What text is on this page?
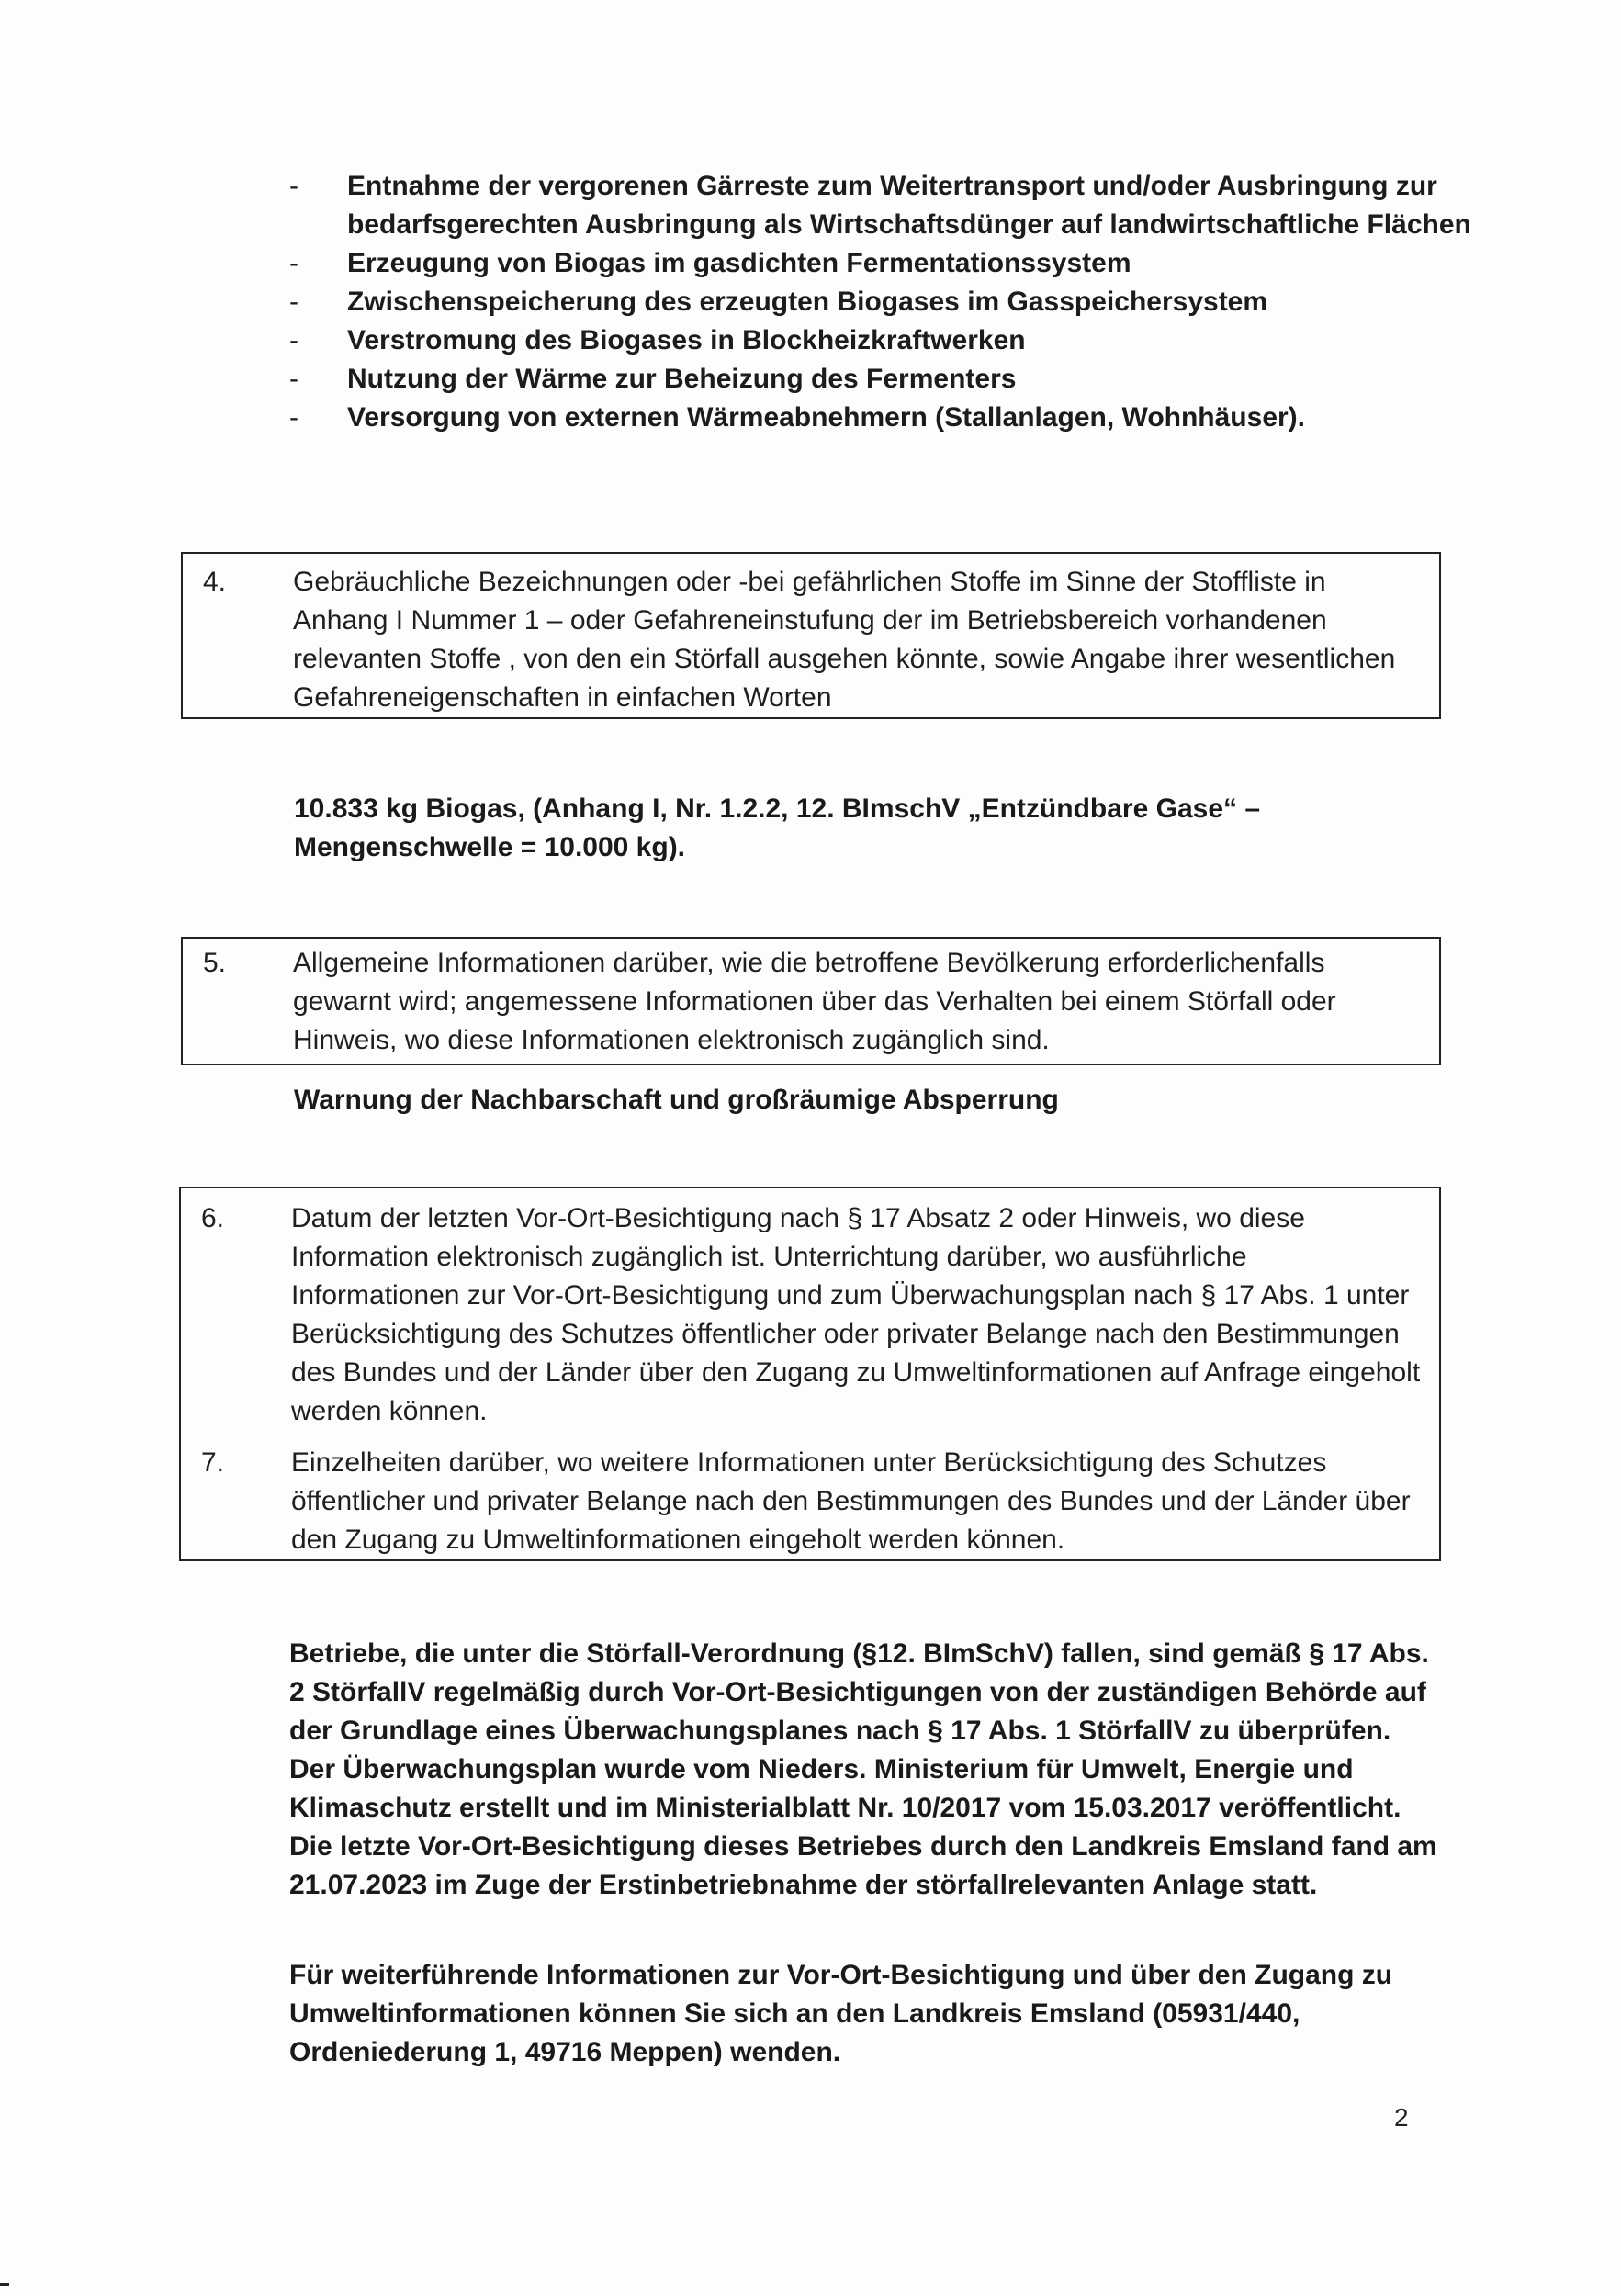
- Entnahme der vergorenen Gärreste zum Weitertransport und/oder Ausbringung zur bedarfsgerechten Ausbringung als Wirtschaftsdünger auf landwirtschaftliche Flächen
- Erzeugung von Biogas im gasdichten Fermentationssystem
- Zwischenspeicherung des erzeugten Biogases im Gasspeichersystem
- Verstromung des Biogases in Blockheizkraftwerken
- Nutzung der Wärme zur Beheizung des Fermenters
- Versorgung von externen Wärmeabnehmern (Stallanlagen, Wohnhäuser).
4. Gebräuchliche Bezeichnungen oder -bei gefährlichen Stoffe im Sinne der Stoffliste in Anhang I Nummer 1 – oder Gefahreneinstufung der im Betriebsbereich vorhandenen relevanten Stoffe , von den ein Störfall ausgehen könnte, sowie Angabe ihrer wesentlichen Gefahreneigenschaften in einfachen Worten

10.833 kg Biogas, (Anhang I, Nr. 1.2.2, 12. BImschV „Entzündbare Gase“ –
Mengenschwelle = 10.000 kg).

5. Allgemeine Informationen darüber, wie die betroffene Bevölkerung erforderlichenfalls gewarnt wird; angemessene Informationen über das Verhalten bei einem Störfall oder Hinweis, wo diese Informationen elektronisch zugänglich sind.

Warnung der Nachbarschaft und großräumige Absperrung

6. Datum der letzten Vor-Ort-Besichtigung nach § 17 Absatz 2 oder Hinweis, wo diese Information elektronisch zugänglich ist. Unterrichtung darüber, wo ausführliche Informationen zur Vor-Ort-Besichtigung und zum Überwachungsplan nach § 17 Abs. 1 unter Berücksichtigung des Schutzes öffentlicher oder privater Belange nach den Bestimmungen des Bundes und der Länder über den Zugang zu Umweltinformationen auf Anfrage eingeholt werden können.
7. Einzelheiten darüber, wo weitere Informationen unter Berücksichtigung des Schutzes öffentlicher und privater Belange nach den Bestimmungen des Bundes und der Länder über den Zugang zu Umweltinformationen eingeholt werden können.

Betriebe, die unter die Störfall-Verordnung (§12. BImSchV) fallen, sind gemäß § 17 Abs. 2 StörfallV regelmäßig durch Vor-Ort-Besichtigungen von der zuständigen Behörde auf der Grundlage eines Überwachungsplanes nach § 17 Abs. 1 StörfallV zu überprüfen. Der Überwachungsplan wurde vom Nieders. Ministerium für Umwelt, Energie und Klimaschutz erstellt und im Ministerialblatt Nr. 10/2017 vom 15.03.2017 veröffentlicht. Die letzte Vor-Ort-Besichtigung dieses Betriebes durch den Landkreis Emsland fand am 21.07.2023 im Zuge der Erstinbetriebnahme der störfallrelevanten Anlage statt.

Für weiterführende Informationen zur Vor-Ort-Besichtigung und über den Zugang zu Umweltinformationen können Sie sich an den Landkreis Emsland (05931/440, Ordeniederung 1, 49716 Meppen) wenden.

2
